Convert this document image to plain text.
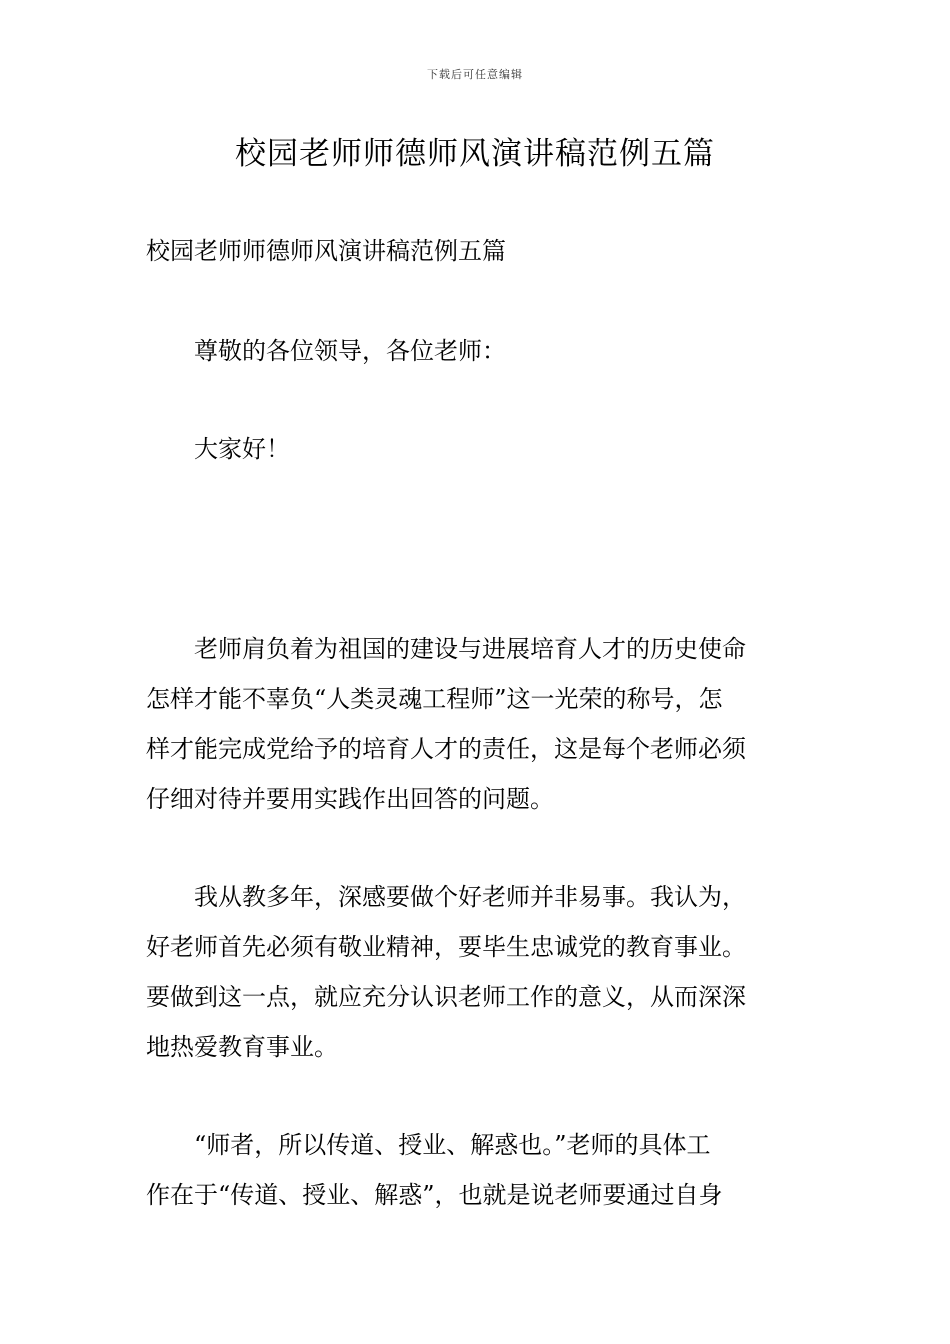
下载后可任意编辑
校园老师师德师风演讲稿范例五篇
校园老师师德师风演讲稿范例五篇
尊敬的各位领导，各位老师：
大家好！
老师肩负着为祖国的建设与进展培育人才的历史使命
怎样才能不辜负“人类灵魂工程师”这一光荣的称号，怎
样才能完成党给予的培育人才的责任，这是每个老师必须
仔细对待并要用实践作出回答的问题。
我从教多年，深感要做个好老师并非易事。我认为，
好老师首先必须有敬业精神，要毕生忠诚党的教育事业。
要做到这一点，就应充分认识老师工作的意义，从而深深
地热爱教育事业。
“师者，所以传道、授业、解惑也。”老师的具体工
作在于“传道、授业、解惑”，也就是说老师要通过自身
